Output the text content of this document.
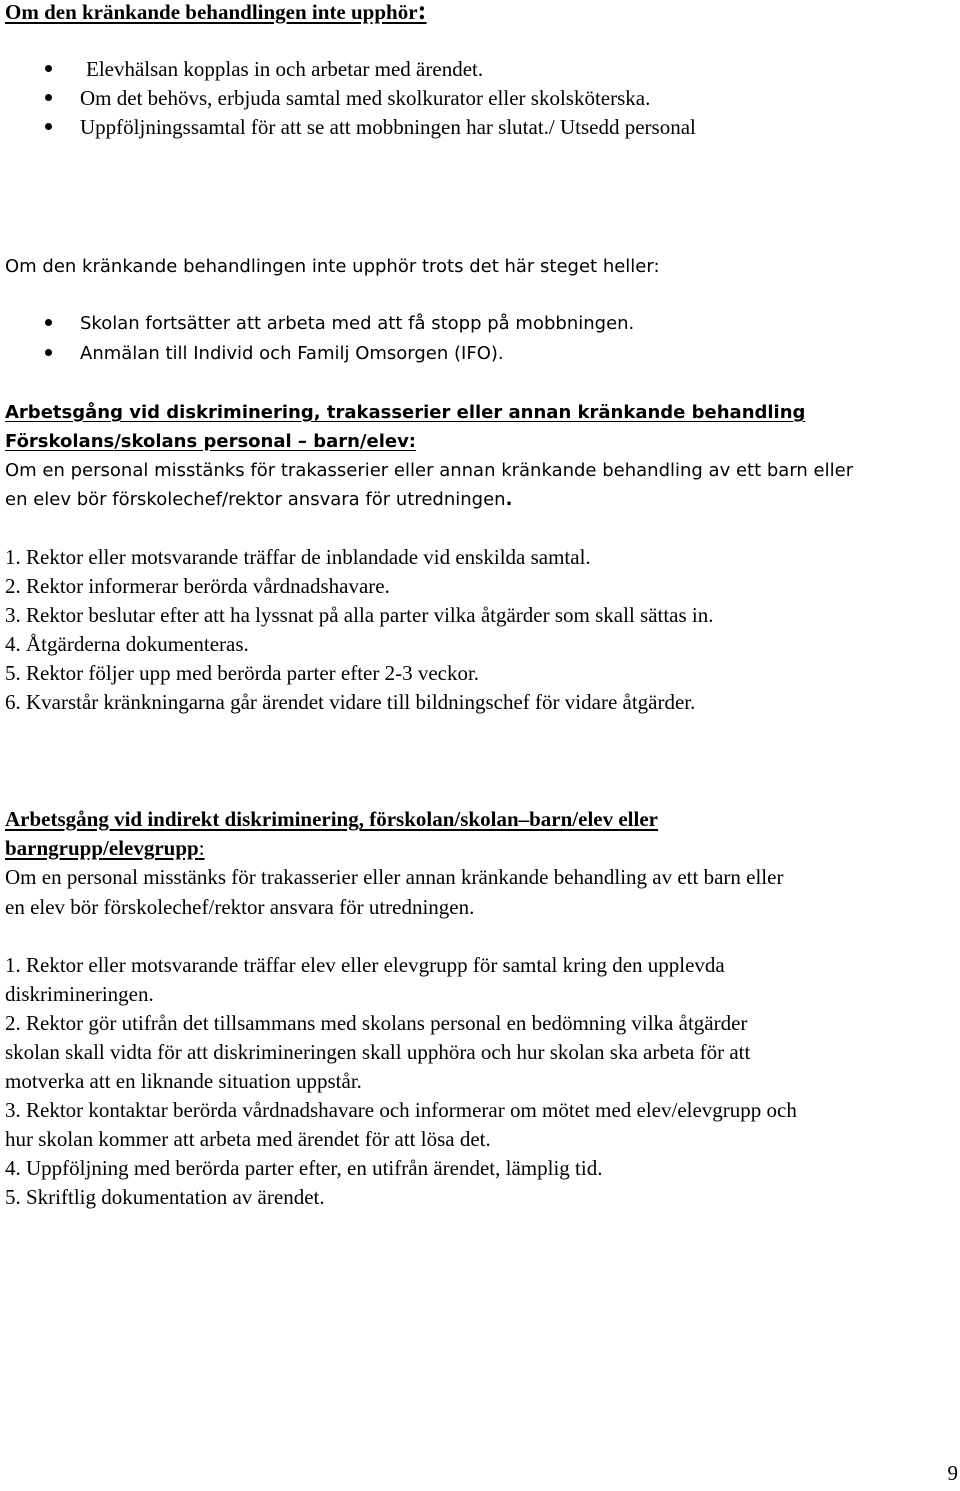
Om den kränkande behandlingen inte upphör:
Elevhälsan kopplas in och arbetar med ärendet.
Om det behövs, erbjuda samtal med skolkurator eller skolsköterska.
Uppföljningssamtal för att se att mobbningen har slutat./ Utsedd personal
Om den kränkande behandlingen inte upphör trots det här steget heller:
Skolan fortsätter att arbeta med att få stopp på mobbningen.
Anmälan till Individ och Familj Omsorgen (IFO).
Arbetsgång vid diskriminering, trakasserier eller annan kränkande behandling
Förskolans/skolans personal – barn/elev:
Om en personal misstänks för trakasserier eller annan kränkande behandling av ett barn eller
en elev bör förskolechef/rektor ansvara för utredningen.
1. Rektor eller motsvarande träffar de inblandade vid enskilda samtal.
2. Rektor informerar berörda vårdnadshavare.
3. Rektor beslutar efter att ha lyssnat på alla parter vilka åtgärder som skall sättas in.
4. Åtgärderna dokumenteras.
5. Rektor följer upp med berörda parter efter 2-3 veckor.
6. Kvarstår kränkningarna går ärendet vidare till bildningschef för vidare åtgärder.
Arbetsgång vid indirekt diskriminering, förskolan/skolan–barn/elev eller
barngrupp/elevgrupp:
Om en personal misstänks för trakasserier eller annan kränkande behandling av ett barn eller
en elev bör förskolechef/rektor ansvara för utredningen.
1. Rektor eller motsvarande träffar elev eller elevgrupp för samtal kring den upplevda
diskrimineringen.
2. Rektor gör utifrån det tillsammans med skolans personal en bedömning vilka åtgärder
skolan skall vidta för att diskrimineringen skall upphöra och hur skolan ska arbeta för att
motverka att en liknande situation uppstår.
3. Rektor kontaktar berörda vårdnadshavare och informerar om mötet med elev/elevgrupp och
hur skolan kommer att arbeta med ärendet för att lösa det.
4. Uppföljning med berörda parter efter, en utifrån ärendet, lämplig tid.
5. Skriftlig dokumentation av ärendet.
9
